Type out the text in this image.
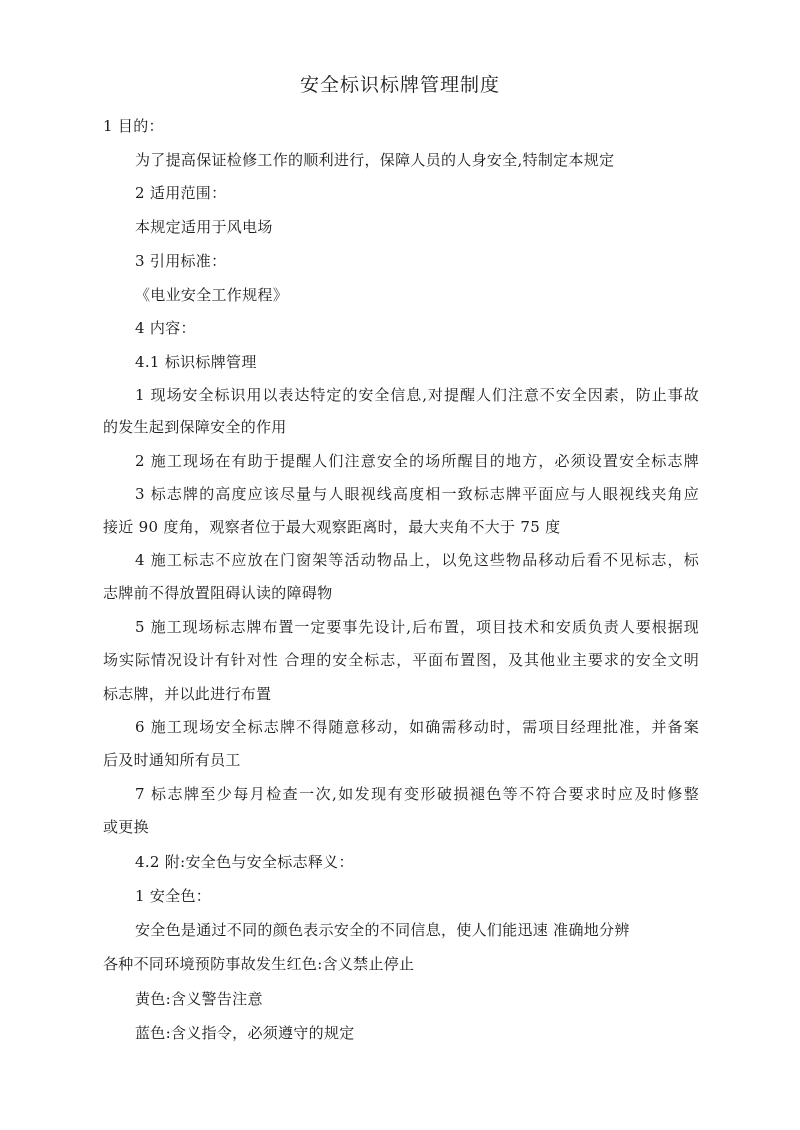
安全标识标牌管理制度
1 目的：
为了提高保证检修工作的顺利进行，保障人员的人身安全,特制定本规定
2 适用范围：
本规定适用于风电场
3 引用标准：
《电业安全工作规程》
4 内容：
4.1 标识标牌管理
1 现场安全标识用以表达特定的安全信息,对提醒人们注意不安全因素，防止事故
的发生起到保障安全的作用
2 施工现场在有助于提醒人们注意安全的场所醒目的地方，必须设置安全标志牌
3 标志牌的高度应该尽量与人眼视线高度相一致标志牌平面应与人眼视线夹角应
接近 90 度角，观察者位于最大观察距离时，最大夹角不大于 75 度
4 施工标志不应放在门窗架等活动物品上，以免这些物品移动后看不见标志，标
志牌前不得放置阻碍认读的障碍物
5 施工现场标志牌布置一定要事先设计,后布置，项目技术和安质负责人要根据现
场实际情况设计有针对性 合理的安全标志，平面布置图，及其他业主要求的安全文明
标志牌，并以此进行布置
6 施工现场安全标志牌不得随意移动，如确需移动时，需项目经理批准，并备案
后及时通知所有员工
7 标志牌至少每月检查一次,如发现有变形破损褪色等不符合要求时应及时修整
或更换
4.2 附:安全色与安全标志释义：
1 安全色：
安全色是通过不同的颜色表示安全的不同信息，使人们能迅速 准确地分辨
各种不同环境预防事故发生红色:含义禁止停止
黄色:含义警告注意
蓝色:含义指令，必须遵守的规定
